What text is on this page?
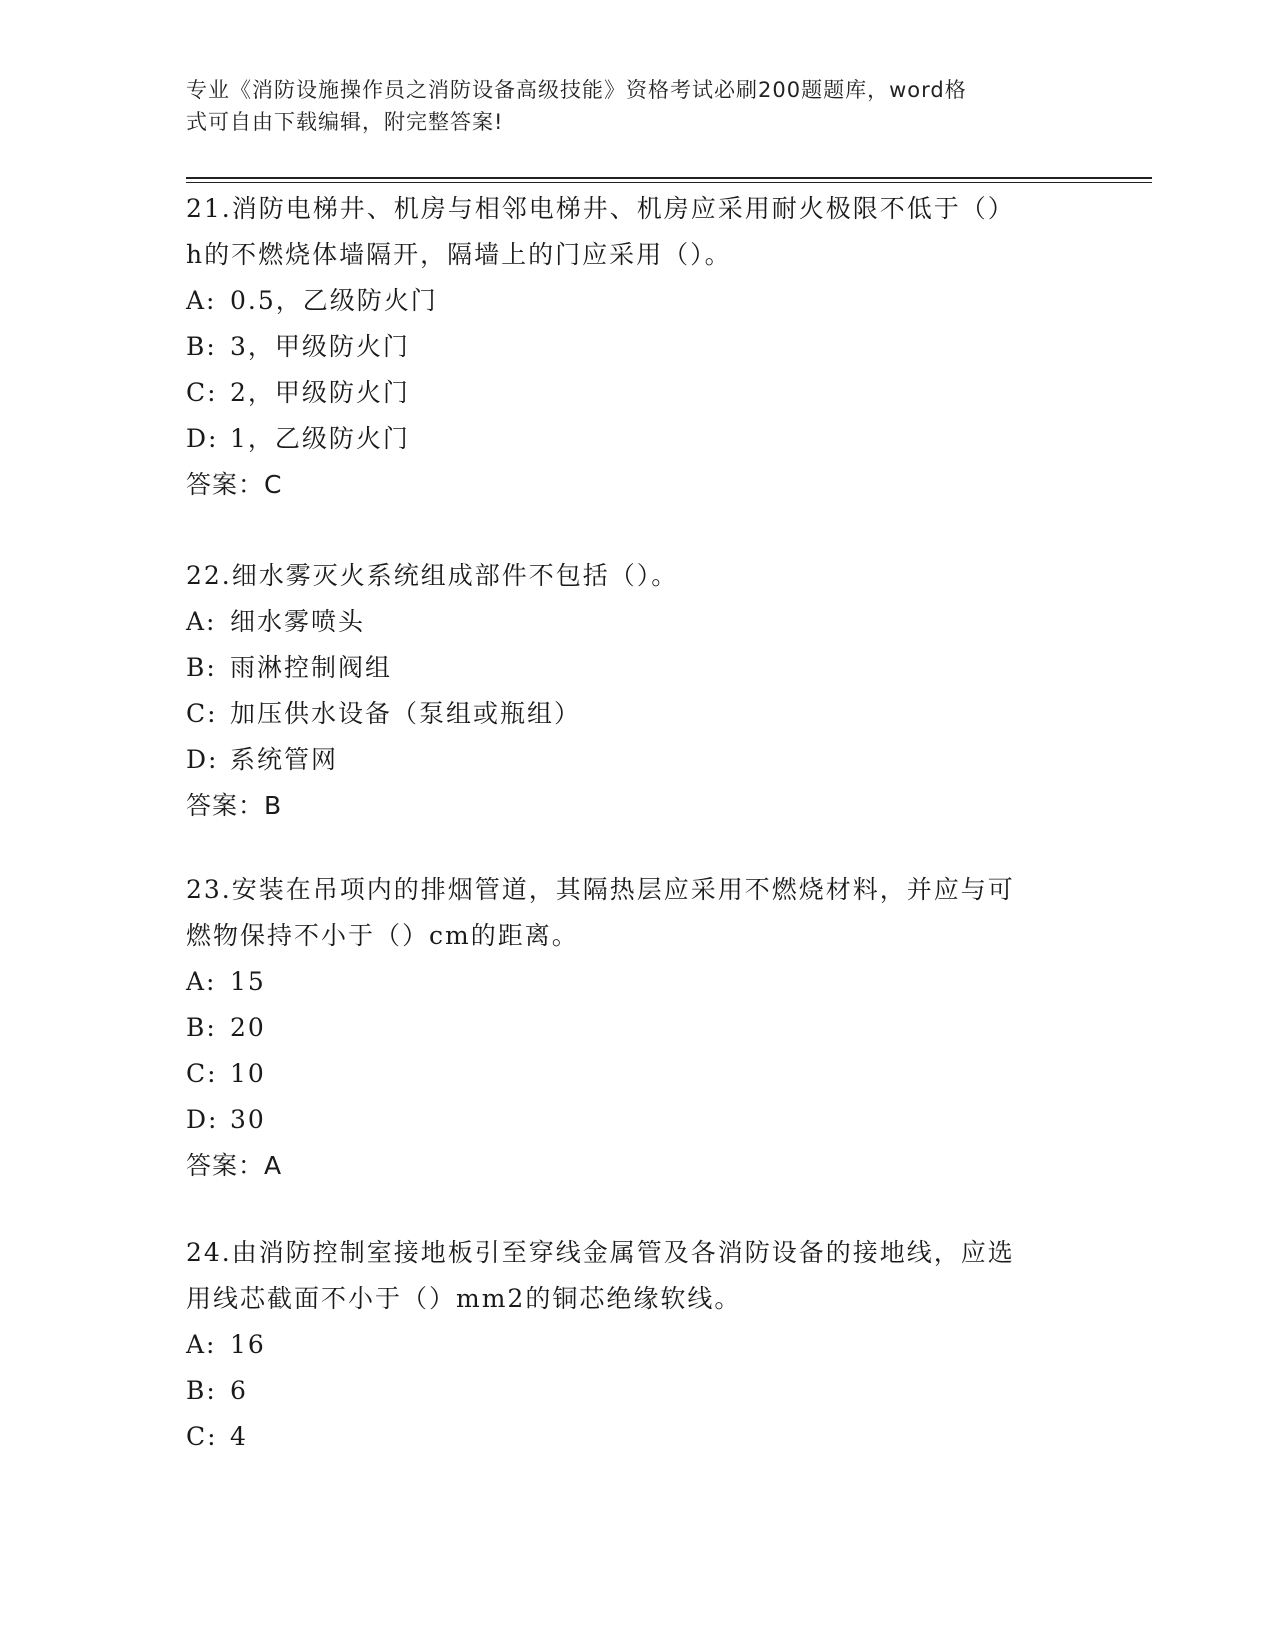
专业《消防设施操作员之消防设备高级技能》资格考试必刷200题题库，word格
式可自由下载编辑，附完整答案!

21.消防电梯井、机房与相邻电梯井、机房应采用耐火极限不低于（）

h的不燃烧体墙隔开，隔墙上的门应采用（）。

A: 0.5，乙级防火门

B: 3，甲级防火门

C: 2，甲级防火门

D: 1，乙级防火门

答案：C

22.细水雾灭火系统组成部件不包括（）。

A: 细水雾喷头

B: 雨淋控制阀组

C: 加压供水设备（泵组或瓶组）

D: 系统管网

答案：B

23.安装在吊项内的排烟管道，其隔热层应采用不燃烧材料，并应与可

燃物保持不小于（）cm的距离。

A: 15

B: 20

C: 10

D: 30

答案：A

24.由消防控制室接地板引至穿线金属管及各消防设备的接地线，应选

用线芯截面不小于（）mm2的铜芯绝缘软线。

A: 16

B: 6

C: 4
